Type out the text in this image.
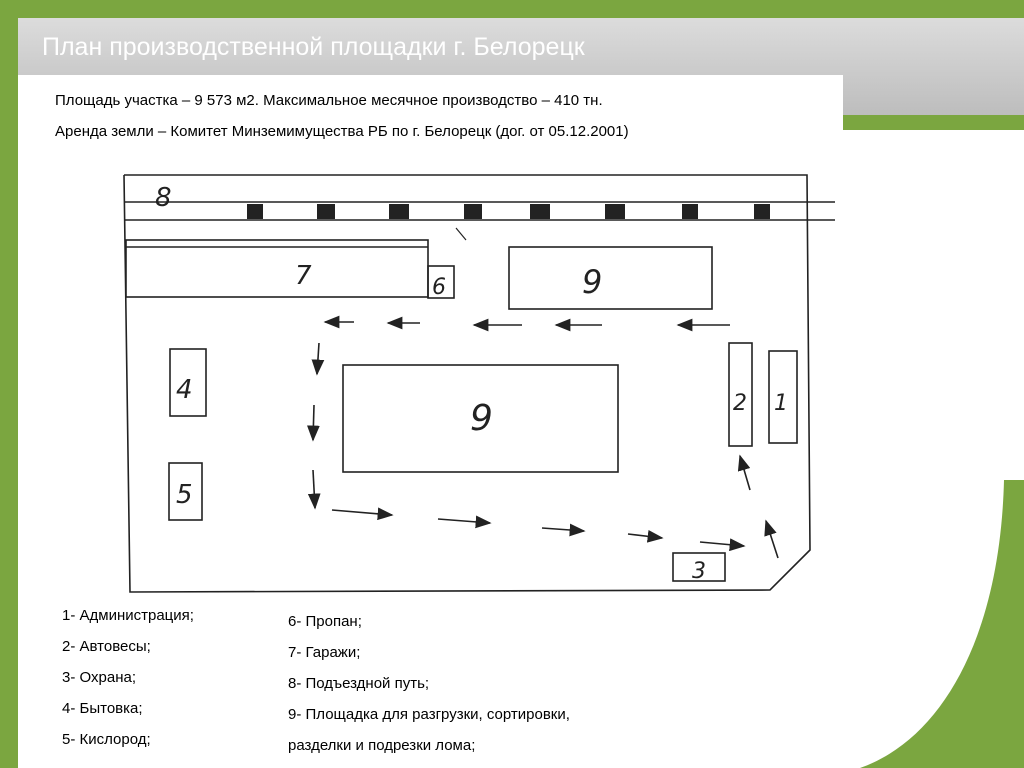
План производственной площадки г. Белорецк
Площадь участка – 9 573 м2. Максимальное месячное производство – 410 тн.
Аренда земли – Комитет Минземимущества РБ по г. Белорецк (дог. от 05.12.2001)
8
7	6	9
9
4
5
2 1
3
1- Администрация;
2- Автовесы;
3- Охрана;
4- Бытовка;
5- Кислород;
6- Пропан;
7- Гаражи;
8- Подъездной путь;
9- Площадка для разгрузки, сортировки,
разделки и подрезки лома;
